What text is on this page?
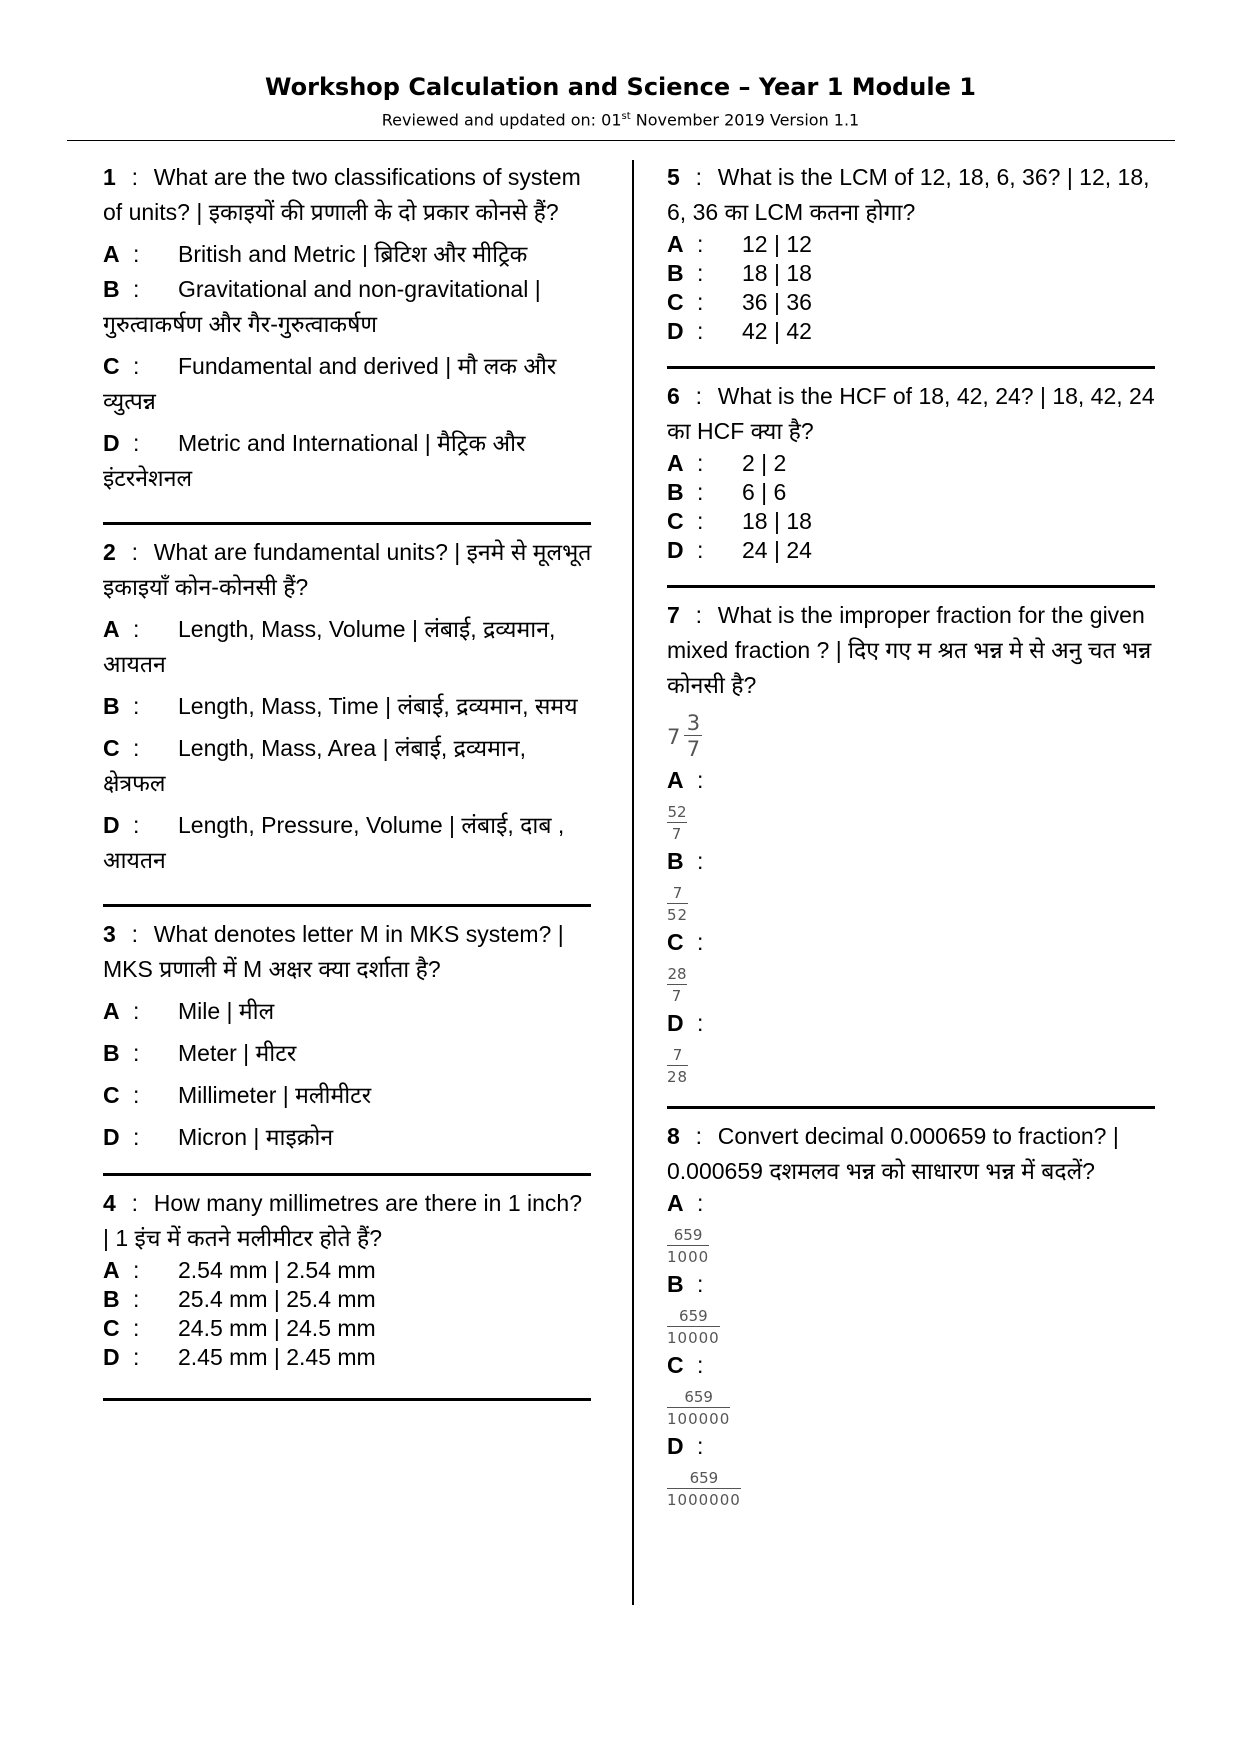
Workshop Calculation and Science – Year 1 Module 1
Reviewed and updated on: 01st November 2019 Version 1.1
1 : What are the two classifications of system of units? | इकाइयों की प्रणाली के दो प्रकार कोनसे हैं?
A : British and Metric | ब्रिटिश और मीट्रिक
B : Gravitational and non-gravitational | गुरुत्वाकर्षण और गैर-गुरुत्वाकर्षण
C : Fundamental and derived | मौ लक और व्युत्पन्न
D : Metric and International | मैट्रिक और इंटरनेशनल
2 : What are fundamental units? | इनमे से मूलभूत इकाइयाँ कोन-कोनसी हैं?
A : Length, Mass, Volume | लंबाई, द्रव्यमान, आयतन
B : Length, Mass, Time | लंबाई, द्रव्यमान, समय
C : Length, Mass, Area | लंबाई, द्रव्यमान, क्षेत्रफल
D : Length, Pressure, Volume | लंबाई, दाब , आयतन
3 : What denotes letter M in MKS system? | MKS प्रणाली में M अक्षर क्या दर्शाता है?
A : Mile | मील
B : Meter | मीटर
C : Millimeter | मलीमीटर
D : Micron | माइक्रोन
4 : How many millimetres are there in 1 inch? | 1 इंच में कतने मलीमीटर होते हैं?
A : 2.54 mm | 2.54 mm
B : 25.4 mm | 25.4 mm
C : 24.5 mm | 24.5 mm
D : 2.45 mm | 2.45 mm
5 : What is the LCM of 12, 18, 6, 36? | 12, 18, 6, 36 का LCM कतना होगा?
A : 12 | 12
B : 18 | 18
C : 36 | 36
D : 42 | 42
6 : What is the HCF of 18, 42, 24? | 18, 42, 24 का HCF क्या है?
A : 2 | 2
B : 6 | 6
C : 18 | 18
D : 24 | 24
7 : What is the improper fraction for the given mixed fraction ? | दिए गए म श्रत भन्न मे से अनु चत भन्न कोनसी है?
$7 \frac{3}{7}$
A :
$\frac{52}{7}$
B :
$\frac{7}{52}$
C :
$\frac{28}{7}$
D :
$\frac{7}{28}$
8 : Convert decimal 0.000659 to fraction? | 0.000659 दशमलव भन्न को साधारण भन्न में बदलें?
A :
$\frac{659}{1000}$
B :
$\frac{659}{10000}$
C :
$\frac{659}{100000}$
D :
$\frac{659}{1000000}$
